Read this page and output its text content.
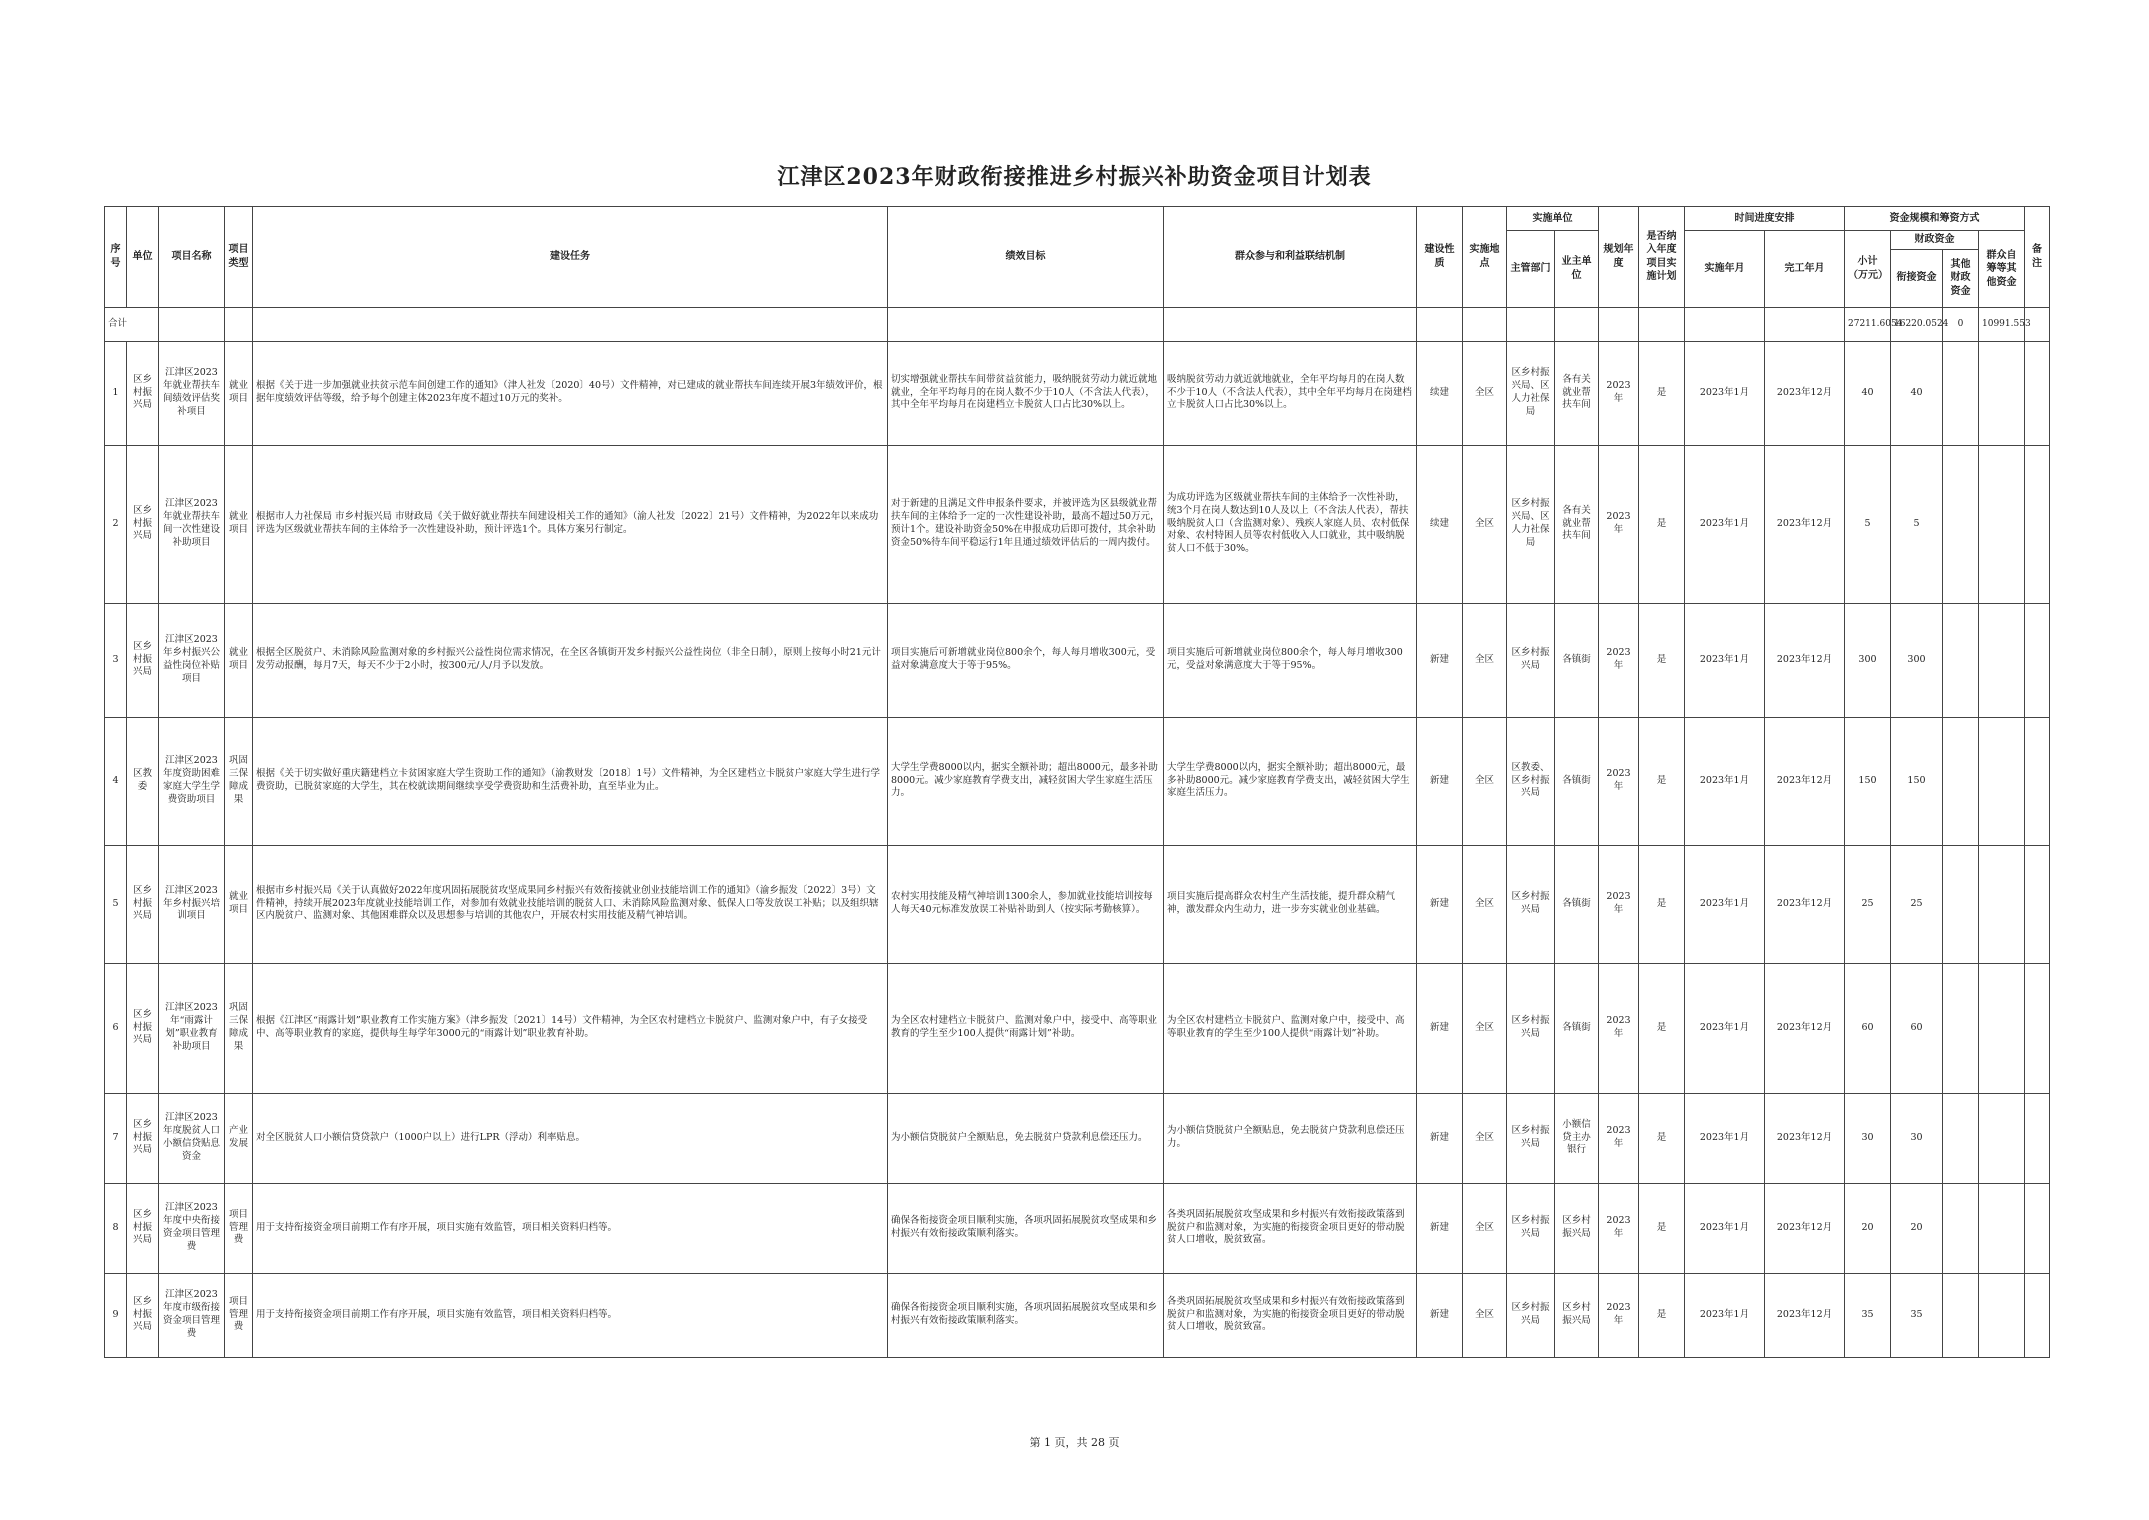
江津区2023年财政衔接推进乡村振兴补助资金项目计划表
序号	单位	项目名称	项目类型	建设任务	绩效目标	群众参与和利益联结机制	建设性质	实施地点	实施单位		规划年度	是否纳入年度项目实施计划	时间进度安排		资金规模和筹资方式				备注
									主管部门	业主单位			实施年月	完工年月	小计（万元）	财政资金		群众自筹等其他资金	
																衔接资金	其他财政资金		
合计															27211.6054	16220.0524	0	10991.553	
1	区乡村振兴局	江津区2023年就业帮扶车间绩效评估奖补项目	就业项目	根据《关于进一步加强就业扶贫示范车间创建工作的通知》（津人社发〔2020〕40号）文件精神，对已建成的就业帮扶车间连续开展3年绩效评价，根据年度绩效评估等级，给予每个创建主体2023年度不超过10万元的奖补。	切实增强就业帮扶车间带贫益贫能力，吸纳脱贫劳动力就近就地就业，全年平均每月的在岗人数不少于10人（不含法人代表），其中全年平均每月在岗建档立卡脱贫人口占比30%以上。	吸纳脱贫劳动力就近就地就业，全年平均每月的在岗人数不少于10人（不含法人代表），其中全年平均每月在岗建档立卡脱贫人口占比30%以上。	续建	全区	区乡村振兴局、区人力社保局	各有关就业帮扶车间	2023年	是	2023年1月	2023年12月	40	40			
2	区乡村振兴局	江津区2023年就业帮扶车间一次性建设补助项目	就业项目	根据市人力社保局 市乡村振兴局 市财政局《关于做好就业帮扶车间建设相关工作的通知》（渝人社发〔2022〕21号）文件精神，为2022年以来成功评选为区级就业帮扶车间的主体给予一次性建设补助，预计评选1个。具体方案另行制定。	对于新建的且满足文件申报条件要求，并被评选为区县级就业帮扶车间的主体给予一定的一次性建设补助，最高不超过50万元，预计1个。建设补助资金50%在申报成功后即可拨付，其余补助资金50%待车间平稳运行1年且通过绩效评估后的一周内拨付。	为成功评选为区级就业帮扶车间的主体给予一次性补助，统3个月在岗人数达到10人及以上（不含法人代表），帮扶吸纳脱贫人口（含监测对象）、残疾人家庭人员、农村低保对象、农村特困人员等农村低收入人口就业，其中吸纳脱贫人口不低于30%。	续建	全区	区乡村振兴局、区人力社保局	各有关就业帮扶车间	2023年	是	2023年1月	2023年12月	5	5			
3	区乡村振兴局	江津区2023年乡村振兴公益性岗位补贴项目	就业项目	根据全区脱贫户、未消除风险监测对象的乡村振兴公益性岗位需求情况，在全区各镇街开发乡村振兴公益性岗位（非全日制），原则上按每小时21元计发劳动报酬，每月7天，每天不少于2小时，按300元/人/月予以发放。	项目实施后可新增就业岗位800余个，每人每月增收300元，受益对象满意度大于等于95%。	项目实施后可新增就业岗位800余个，每人每月增收300元，受益对象满意度大于等于95%。	新建	全区	区乡村振兴局	各镇街	2023年	是	2023年1月	2023年12月	300	300			
4	区教委	江津区2023年度资助困难家庭大学生学费资助项目	巩固三保障成果	根据《关于切实做好重庆籍建档立卡贫困家庭大学生资助工作的通知》（渝教财发〔2018〕1号）文件精神，为全区建档立卡脱贫户家庭大学生进行学费资助，已脱贫家庭的大学生，其在校就读期间继续享受学费资助和生活费补助，直至毕业为止。	大学生学费8000以内，据实全额补助；超出8000元，最多补助8000元。减少家庭教育学费支出，减轻贫困大学生家庭生活压力。	大学生学费8000以内，据实全额补助；超出8000元，最多补助8000元。减少家庭教育学费支出，减轻贫困大学生家庭生活压力。	新建	全区	区教委、区乡村振兴局	各镇街	2023年	是	2023年1月	2023年12月	150	150			
5	区乡村振兴局	江津区2023年乡村振兴培训项目	就业项目	根据市乡村振兴局《关于认真做好2022年度巩固拓展脱贫攻坚成果同乡村振兴有效衔接就业创业技能培训工作的通知》（渝乡振发〔2022〕3号）文件精神，持续开展2023年度就业技能培训工作，对参加有效就业技能培训的脱贫人口、未消除风险监测对象、低保人口等发放误工补贴；以及组织辖区内脱贫户、监测对象、其他困难群众以及思想参与培训的其他农户，开展农村实用技能及精气神培训。	农村实用技能及精气神培训1300余人，参加就业技能培训按每人每天40元标准发放误工补贴补助到人（按实际考勤核算）。	项目实施后提高群众农村生产生活技能，提升群众精气神，激发群众内生动力，进一步夯实就业创业基础。	新建	全区	区乡村振兴局	各镇街	2023年	是	2023年1月	2023年12月	25	25			
6	区乡村振兴局	江津区2023年“雨露计划”职业教育补助项目	巩固三保障成果	根据《江津区“雨露计划”职业教育工作实施方案》（津乡振发〔2021〕14号）文件精神，为全区农村建档立卡脱贫户、监测对象户中，有子女接受中、高等职业教育的家庭，提供每生每学年3000元的“雨露计划”职业教育补助。	为全区农村建档立卡脱贫户、监测对象户中，接受中、高等职业教育的学生至少100人提供“雨露计划”补助。	为全区农村建档立卡脱贫户、监测对象户中，接受中、高等职业教育的学生至少100人提供“雨露计划”补助。	新建	全区	区乡村振兴局	各镇街	2023年	是	2023年1月	2023年12月	60	60			
7	区乡村振兴局	江津区2023年度脱贫人口小额信贷贴息资金	产业发展	对全区脱贫人口小额信贷贷款户（1000户以上）进行LPR（浮动）利率贴息。	为小额信贷脱贫户全额贴息，免去脱贫户贷款利息偿还压力。	为小额信贷脱贫户全额贴息，免去脱贫户贷款利息偿还压力。	新建	全区	区乡村振兴局	小额信贷主办银行	2023年	是	2023年1月	2023年12月	30	30			
8	区乡村振兴局	江津区2023年度中央衔接资金项目管理费	项目管理费	用于支持衔接资金项目前期工作有序开展，项目实施有效监管，项目相关资料归档等。	确保各衔接资金项目顺利实施，各项巩固拓展脱贫攻坚成果和乡村振兴有效衔接政策顺利落实。	各类巩固拓展脱贫攻坚成果和乡村振兴有效衔接政策落到脱贫户和监测对象，为实施的衔接资金项目更好的带动脱贫人口增收，脱贫致富。	新建	全区	区乡村振兴局	区乡村振兴局	2023年	是	2023年1月	2023年12月	20	20			
9	区乡村振兴局	江津区2023年度市级衔接资金项目管理费	项目管理费	用于支持衔接资金项目前期工作有序开展，项目实施有效监管，项目相关资料归档等。	确保各衔接资金项目顺利实施，各项巩固拓展脱贫攻坚成果和乡村振兴有效衔接政策顺利落实。	各类巩固拓展脱贫攻坚成果和乡村振兴有效衔接政策落到脱贫户和监测对象，为实施的衔接资金项目更好的带动脱贫人口增收，脱贫致富。	新建	全区	区乡村振兴局	区乡村振兴局	2023年	是	2023年1月	2023年12月	35	35			
第 1 页，共 28 页
